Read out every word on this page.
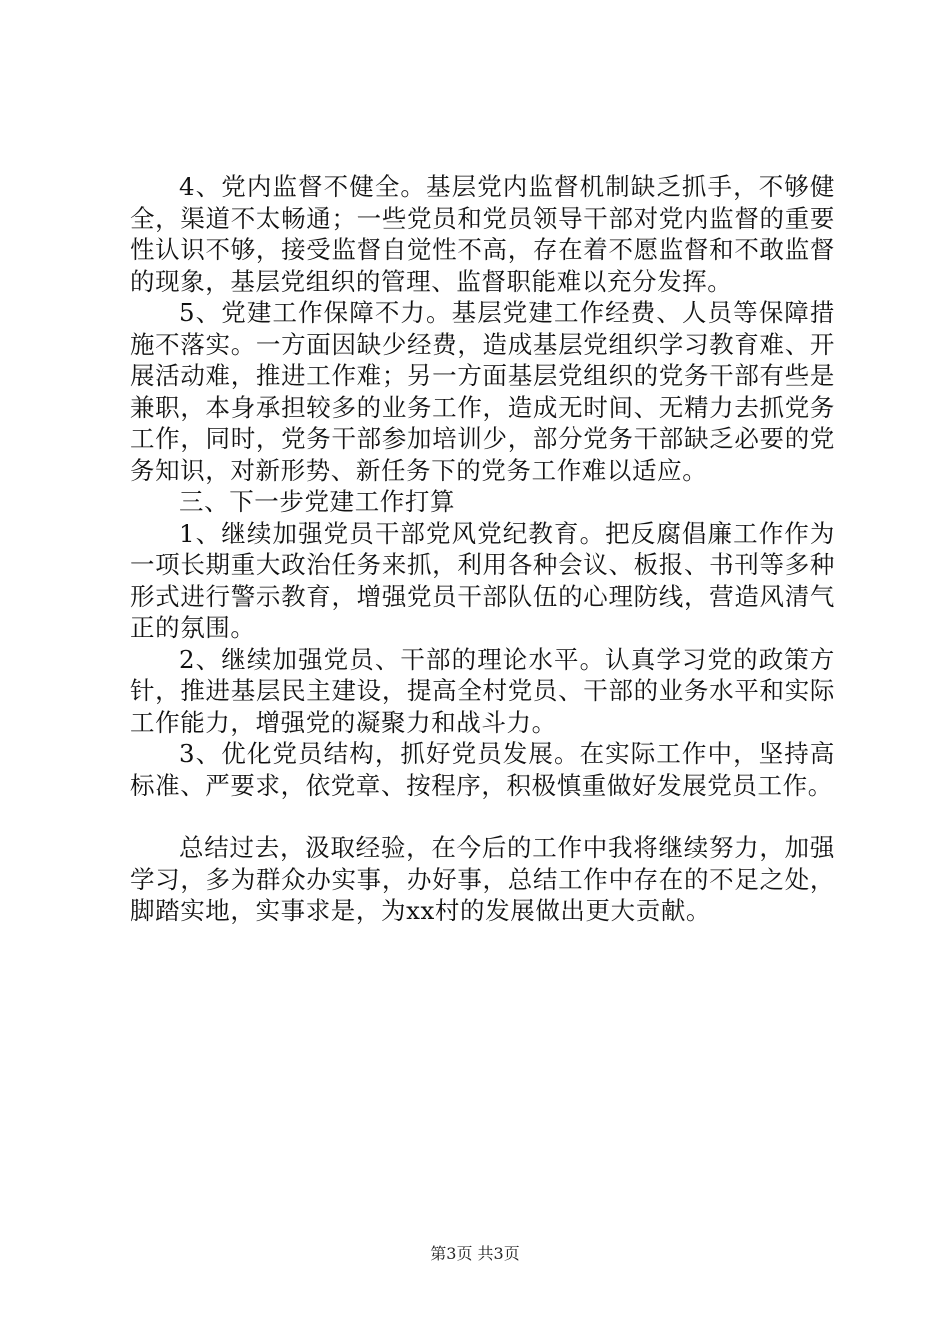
4、党内监督不健全。基层党内监督机制缺乏抓手，不够健全，渠道不太畅通；一些党员和党员领导干部对党内监督的重要性认识不够，接受监督自觉性不高，存在着不愿监督和不敢监督的现象，基层党组织的管理、监督职能难以充分发挥。

5、党建工作保障不力。基层党建工作经费、人员等保障措施不落实。一方面因缺少经费，造成基层党组织学习教育难、开展活动难，推进工作难；另一方面基层党组织的党务干部有些是兼职，本身承担较多的业务工作，造成无时间、无精力去抓党务工作，同时，党务干部参加培训少，部分党务干部缺乏必要的党务知识，对新形势、新任务下的党务工作难以适应。

三、下一步党建工作打算

1、继续加强党员干部党风党纪教育。把反腐倡廉工作作为一项长期重大政治任务来抓，利用各种会议、板报、书刊等多种形式进行警示教育，增强党员干部队伍的心理防线，营造风清气正的氛围。

2、继续加强党员、干部的理论水平。认真学习党的政策方针，推进基层民主建设，提高全村党员、干部的业务水平和实际工作能力，增强党的凝聚力和战斗力。

3、优化党员结构，抓好党员发展。在实际工作中，坚持高标准、严要求，依党章、按程序，积极慎重做好发展党员工作。

总结过去，汲取经验，在今后的工作中我将继续努力，加强学习，多为群众办实事，办好事，总结工作中存在的不足之处，脚踏实地，实事求是，为xx村的发展做出更大贡献。

第3页 共3页
